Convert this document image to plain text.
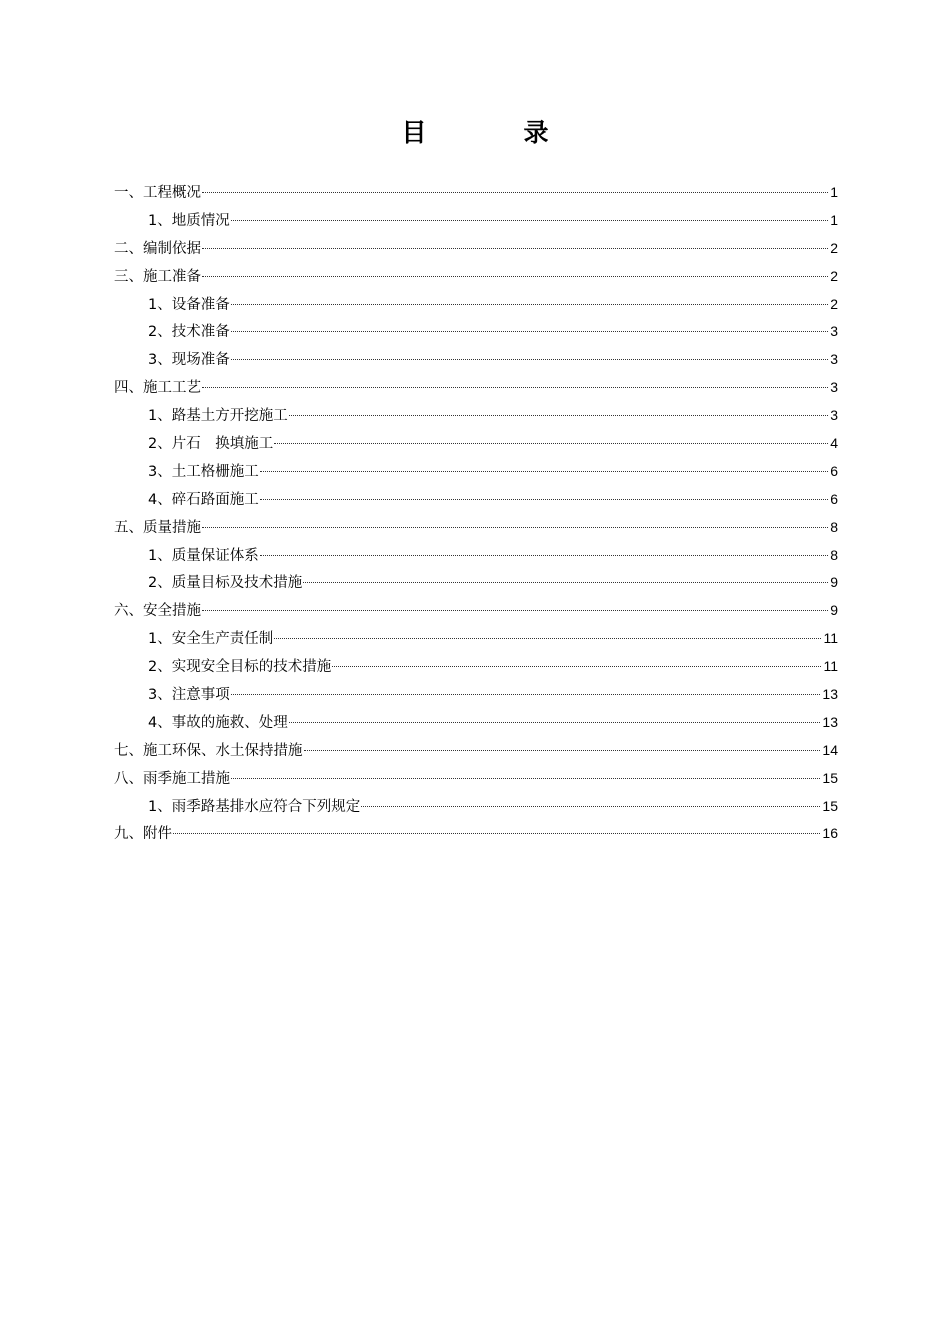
目　录
一、工程概况	1
1、地质情况	1
二、编制依据	2
三、施工准备	2
1、设备准备	2
2、技术准备	3
3、现场准备	3
四、施工工艺	3
1、路基土方开挖施工	3
2、片石　换填施工	4
3、土工格栅施工	6
4、碎石路面施工	6
五、质量措施	8
1、质量保证体系	8
2、质量目标及技术措施	9
六、安全措施	9
1、安全生产责任制	11
2、实现安全目标的技术措施	11
3、注意事项	13
4、事故的施救、处理	13
七、施工环保、水土保持措施	14
八、雨季施工措施	15
1、雨季路基排水应符合下列规定	15
九、附件	16
